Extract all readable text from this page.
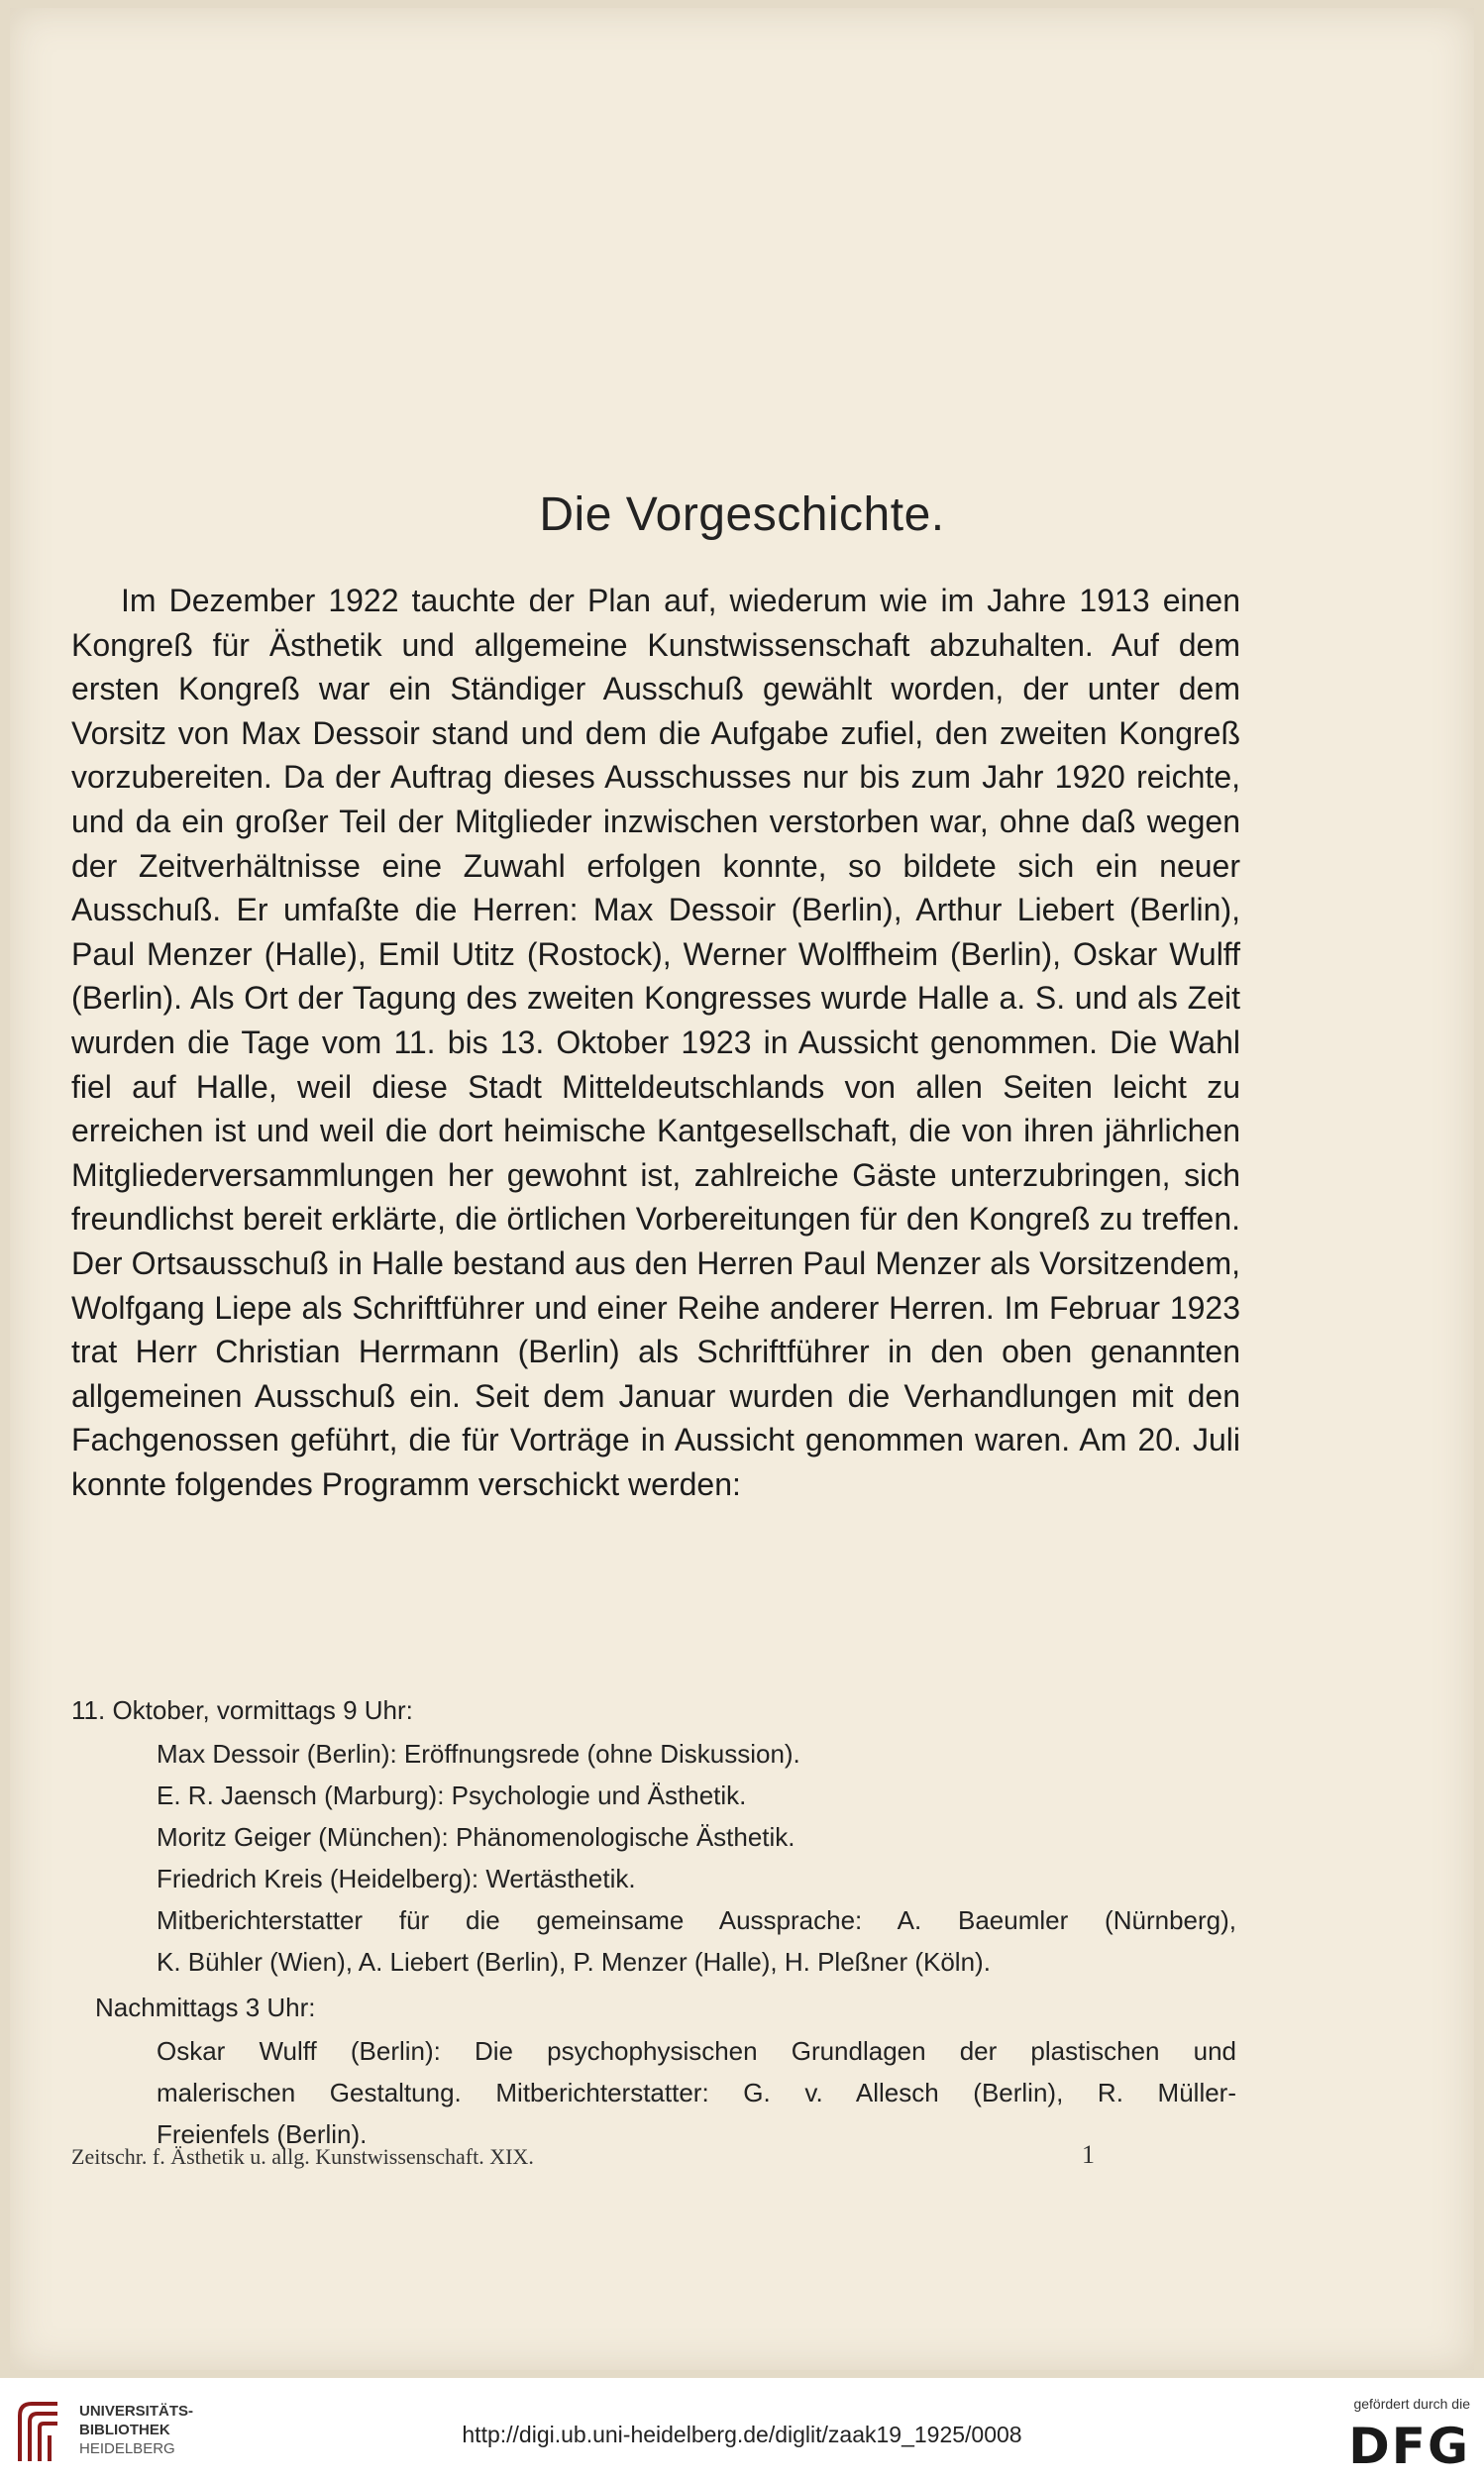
Die Vorgeschichte.
Im Dezember 1922 tauchte der Plan auf, wiederum wie im Jahre 1913 einen Kongreß für Ästhetik und allgemeine Kunstwissenschaft abzuhalten. Auf dem ersten Kongreß war ein Ständiger Ausschuß gewählt worden, der unter dem Vorsitz von Max Dessoir stand und dem die Aufgabe zufiel, den zweiten Kongreß vorzubereiten. Da der Auftrag dieses Ausschusses nur bis zum Jahr 1920 reichte, und da ein großer Teil der Mitglieder inzwischen verstorben war, ohne daß wegen der Zeitverhältnisse eine Zuwahl erfolgen konnte, so bildete sich ein neuer Ausschuß. Er umfaßte die Herren: Max Dessoir (Berlin), Arthur Liebert (Berlin), Paul Menzer (Halle), Emil Utitz (Rostock), Werner Wolffheim (Berlin), Oskar Wulff (Berlin). Als Ort der Tagung des zweiten Kongresses wurde Halle a. S. und als Zeit wurden die Tage vom 11. bis 13. Oktober 1923 in Aussicht genommen. Die Wahl fiel auf Halle, weil diese Stadt Mitteldeutschlands von allen Seiten leicht zu erreichen ist und weil die dort heimische Kantgesellschaft, die von ihren jährlichen Mitgliederversammlungen her gewohnt ist, zahlreiche Gäste unterzubringen, sich freundlichst bereit erklärte, die örtlichen Vorbereitungen für den Kongreß zu treffen. Der Ortsausschuß in Halle bestand aus den Herren Paul Menzer als Vorsitzendem, Wolfgang Liepe als Schriftführer und einer Reihe anderer Herren. Im Februar 1923 trat Herr Christian Herrmann (Berlin) als Schriftführer in den oben genannten allgemeinen Ausschuß ein. Seit dem Januar wurden die Verhandlungen mit den Fachgenossen geführt, die für Vorträge in Aussicht genommen waren. Am 20. Juli konnte folgendes Programm verschickt werden:
11. Oktober, vormittags 9 Uhr:
Max Dessoir (Berlin): Eröffnungsrede (ohne Diskussion).
E. R. Jaensch (Marburg): Psychologie und Ästhetik.
Moritz Geiger (München): Phänomenologische Ästhetik.
Friedrich Kreis (Heidelberg): Wertästhetik.
Mitberichterstatter für die gemeinsame Aussprache: A. Baeumler (Nürnberg),
K. Bühler (Wien), A. Liebert (Berlin), P. Menzer (Halle), H. Pleßner (Köln).
Nachmittags 3 Uhr:
Oskar Wulff (Berlin): Die psychophysischen Grundlagen der plastischen und
malerischen Gestaltung. Mitberichterstatter: G. v. Allesch (Berlin), R. Müller-
Freienfels (Berlin).
Zeitschr. f. Ästhetik u. allg. Kunstwissenschaft. XIX.	1
UNIVERSITÄTS-
BIBLIOTHEK
HEIDELBERG
http://digi.ub.uni-heidelberg.de/diglit/zaak19_1925/0008
gefördert durch die
DFG
